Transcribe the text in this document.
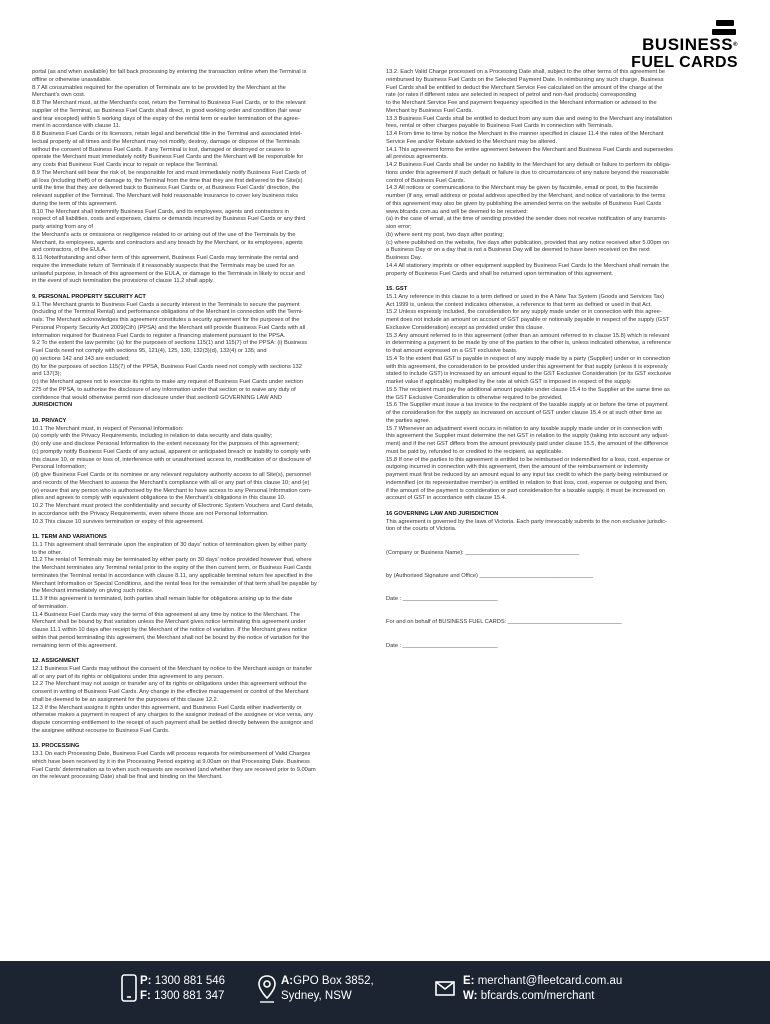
BUSINESS®
FUEL CARDS

portal (as and when available) for fall back processing by entering the transaction online when the Terminal is

offline or otherwise unavailable.

8.7 All consumables required for the operation of Terminals are to be provided by the Merchant at the

Merchant's own cost.

8.8 The Merchant must, at the Merchant's cost, return the Terminal to Business Fuel Cards, or to the relevant

supplier of the Terminal, as Business Fuel Cards shall direct, in good working order and condition (fair wear

and tear excepted) within 5 working days of the expiry of the rental term or earlier termination of the agree-

ment in accordance with clause 11.

8.8 Business Fuel Cards or its licensors, retain legal and beneficial title in the Terminal and associated intel-

lectual property at all times and the Merchant may not modify, destroy, damage or dispose of the Terminals

without the consent of Business Fuel Cards. If any Terminal is lost, damaged or destroyed or ceases to

operate the Merchant must immediately notify Business Fuel Cards and the Merchant will be responsible for

any costs that Business Fuel Cards incur to repair or replace the Terminal.

8.9 The Merchant will bear the risk of, be responsible for and must immediately notify Business Fuel Cards of

all loss (including theft) of or damage to, the Terminal from the time that they are first delivered to the Site(s)

until the time that they are delivered back to Business Fuel Cards or, at Business Fuel Cards' direction, the

relevant supplier of the Terminal. The Merchant will hold reasonable insurance to cover key business risks

during the term of this agreement.

8.10 The Merchant shall indemnify Business Fuel Cards, and its employees, agents and contractors in

respect of all liabilities, costs and expenses, claims or demands incurred by Business Fuel Cards or any third

party arising from any of

the Merchant's acts or omissions or negligence related to or arising out of the use of the Terminals by the

Merchant, its employees, agents and contractors and any breach by the Merchant, or its employees, agents

and contractors, of the EULA.

8.11 Notwithstanding and other term of this agreement, Business Fuel Cards may terminate the rental and

require the immediate return of Terminals if it reasonably suspects that the Terminals may be used for an

unlawful purpose, in breach of this agreement or the EULA, or damage to the Terminals in likely to occur and

in the event of such termination the provisions of clause 11.2 shall apply.

9. PERSONAL PROPERTY SECURITY ACT

9.1 The Merchant grants to Business Fuel Cards a security interest in the Terminals to secure the payment

(including of the Terminal Rental) and performance obligations of the Merchant in connection with the Termi-

nals. The Merchant acknowledges this agreement constitutes a security agreement for the purposes of the

Personal Property Security Act 2009(Cth) (PPSA) and the Merchant will provide Business Fuel Cards with all

information required for Business Fuel Cards to register a financing statement pursuant to the PPSA.

9.2 To the extent the law permits: (a) for the purposes of sections 115(1) and 115(7) of the PPSA: (i) Business

Fuel Cards need not comply with sections 95, 121(4), 125, 130, 132(3)(d), 132(4) or 135; and

(ii) sections 142 and 143 are excluded;

(b) for the purposes of section 115(7) of the PPSA, Business Fuel Cards need not comply with sections 132

and 137(3);

(c) the Merchant agrees not to exercise its rights to make any request of Business Fuel Cards under section

275 of the PPSA, to authorise the disclosure of any information under that section or to waive any duty of

confidence that would otherwise permit non disclosure under that section9 GOVERNING LAW AND

JURISDICTION

10. PRIVACY

10.1 The Merchant must, in respect of Personal Information:

(a) comply with the Privacy Requirements, including in relation to data security and data quality;

(b) only use and disclose Personal Information to the extent necessary for the purposes of this agreement;

(c) promptly notify Business Fuel Cards of any actual, apparent or anticipated breach or inability to comply with

this clause 10, or misuse or loss of, interference with or unauthorised access to, modification of or disclosure of

Personal Information;

(d) give Business Fuel Cards or its nominee or any relevant regulatory authority access to all Site(s), personnel

and records of the Merchant to assess the Merchant's compliance with all or any part of this clause 10; and (e)

(e) ensure that any person who is authorised by the Merchant to have access to any Personal Information com-

plies and agrees to comply with equivalent obligations to the Merchant's obligations in this clause 10.

10.2 The Merchant must protect the confidentiality and security of Electronic System Vouchers and Card details,

in accordance with the Privacy Requirements, even where those are not Personal Information.

10.3 This clause 10 survives termination or expiry of this agreement.

11. TERM AND VARIATIONS

11.1 This agreement shall terminate upon the expiration of 30 days' notice of termination given by either party

to the other.

11.2 The rental of Terminals may be terminated by either party on 30 days' notice provided however that, where

the Merchant terminates any Terminal rental prior to the expiry of the then current term, or Business Fuel Cards

terminates the Terminal rental in accordance with clause 8.11, any applicable terminal return fee specified in the

Merchant Information or Special Conditions, and the rental fees for the remainder of that term shall be payable by

the Merchant immediately on giving such notice.

11.3 If this agreement is terminated, both parties shall remain liable for obligations arising up to the date

of termination.

11.4 Business Fuel Cards may vary the terms of this agreement at any time by notice to the Merchant. The

Merchant shall be bound by that variation unless the Merchant gives notice terminating this agreement under

clause 11.1 within 10 days after receipt by the Merchant of the notice of variation. If the Merchant gives notice

within that period terminating this agreement, the Merchant shall not be bound by the notice of variation for the

remaining term of this agreement.

12. ASSIGNMENT

12.1 Business Fuel Cards may without the consent of the Merchant by notice to the Merchant assign or transfer

all or any part of its rights or obligations under this agreement to any person.

12.2 The Merchant may not assign or transfer any of its rights or obligations under this agreement without the

consent in writing of Business Fuel Cards. Any change in the effective management or control of the Merchant

shall be deemed to be an assignment for the purposes of this clause 12.2.

12.3 If the Merchant assigns it rights under this agreement, and Business Fuel Cards either inadvertently or

otherwise makes a payment in respect of any charges to the assignor instead of the assignee or vice versa, any

dispute concerning entitlement to the receipt of such payment shall be settled directly between the assignor and

the assignee without recourse to Business Fuel Cards.

13. PROCESSING

13.1 On each Processing Date, Business Fuel Cards will process requests for reimbursement of Valid Charges

which have been received by it in the Processing Period expiring at 9.00am on that Processing Date. Business

Fuel Cards' determination as to when such requests are received (and whether they are received prior to 9.00am

on the relevant processing Date) shall be final and binding on the Merchant.

13.2. Each Valid Charge processed on a Processing Date shall, subject to the other terms of this agreement be

reimbursed by Business Fuel Cards on the Selected Payment Date. In reimbursing any such charge, Business

Fuel Cards shall be entitled to deduct the Merchant Service Fee calculated on the amount of the charge at the

rate (or rates if different rates are selected in respect of petrol and non-fuel products) corresponding

to the Merchant Service Fee and payment frequency specified in the Merchant information or advised to the

Merchant by Business Fuel Cards.

13.3 Business Fuel Cards shall be entitled to deduct from any sum due and owing to the Merchant any installation

fees, rental or other charges payable to Business Fuel Cards in connection with Terminals.

13.4 From time to time by notice the Merchant in the manner specified in clause 11.4 the rates of the Merchant

Service Fee and/or Rebate advised to the Merchant may be altered.

14.1 This agreement forms the entire agreement between the Merchant and Business Fuel Cards and supersedes

all previous agreements.

14.2 Business Fuel Cards shall be under no liability to the Merchant for any default or failure to perform its obliga-

tions under this agreement if such default or failure is due to circumstances of any nature beyond the reasonable

control of Business Fuel Cards.

14.3 All notices or communications to the Merchant may be given by facsimile, email or post, to the facsimile

number (if any, email address or postal address specified by the Merchant, and notice of variations to the terms

of this agreement may also be given by publishing the amended terms on the website of Business Fuel Cards

www.bfcards.com.au and will be deemed to be received:

(a) in the case of email, at the time of sending provided the sender does not receive notification of any transmis-

sion error;

(b) where sent my post, two days after posting;

(c) where published on the website, five days after publication, provided that any notice received after 5.00pm on

a Business Day or on a day that is not a Business Day will be deemed to have been received on the next

Business Day.

14.4 All stationery imprints or other equipment supplied by Business Fuel Cards to the Merchant shall remain the

property of Business Fuel Cards and shall be returned upon termination of this agreement.

15. GST

15.1 Any reference in this clause to a term defined or used in the A New Tax System (Goods and Services Tax)

Act 1999 is, unless the context indicates otherwise, a reference to that term as defined or used in that Act.

15.2 Unless expressly included, the consideration for any supply made under or in connection with this agree-

ment does not include an amount on account of GST payable or notionally payable in respect of the supply (GST

Exclusive Consideration) except as provided under this clause.

15.3 Any amount referred to in this agreement (other than an amount referred to in clause 15.8) which is relevant

in determining a payment to be made by one of the parties to the other is, unless indicated otherwise, a reference

to that amount expressed on a GST exclusive basis.

15.4 To the extent that GST is payable in respect of any supply made by a party (Supplier) under or in connection

with this agreement, the consideration to be provided under this agreement for that supply (unless it is expressly

stated to include GST) is increased by an amount equal to the GST Exclusive Consideration (or its GST exclusive

market value if applicable) multiplied by the rate at which GST is imposed in respect of the supply.

15.5 The recipient must pay the additional amount payable under clause 15.4 to the Supplier at the same time as

the GST Exclusive Consideration is otherwise required to be provided.

15.6 The Supplier must issue a tax invoice to the recipient of the taxable supply at or before the time of payment

of the consideration for the supply as increased on account of GST under clause 15.4 or at such other time as

the parties agree.

15.7 Whenever an adjustment event occurs in relation to any taxable supply made under or in connection with

this agreement the Supplier must determine the net GST in relation to the supply (taking into account any adjust-

ment) and if the net GST differs from the amount previously paid under clause 15.5, the amount of the difference

must be paid by, refunded to or credited to the recipient, as applicable.

15.8 If one of the parties to this agreement is entitled to be reimbursed or indemnified for a loss, cost, expense or

outgoing incurred in connection with this agreement, then the amount of the reimbursement or indemnity

payment must first be reduced by an amount equal to any input tax credit to which the party being reimbursed or

indemnified (or its representative member) is entitled in relation to that loss, cost, expense or outgoing and then,

if the amount of the payment is consideration or part consideration for a taxable supply, it must be increased on

account of GST in accordance with clause 15.4.

16 GOVERNING LAW AND JURISDICTION

This agreement is governed by the laws of Victoria. Each party irrevocably submits to the non exclusive jurisdic-

tion of the courts of Victoria.

(Company or Business Name): ____________________________________

by (Authorised Signature and Office) ____________________________________

Date : ______________________________

For and on behalf of BUSINESS FUEL CARDS: ____________________________________

Date : ______________________________

P: 1300 881 546
F: 1300 881 347
A:GPO Box 3852,
Sydney, NSW
E: merchant@fleetcard.com.au
W: bfcards.com/merchant
